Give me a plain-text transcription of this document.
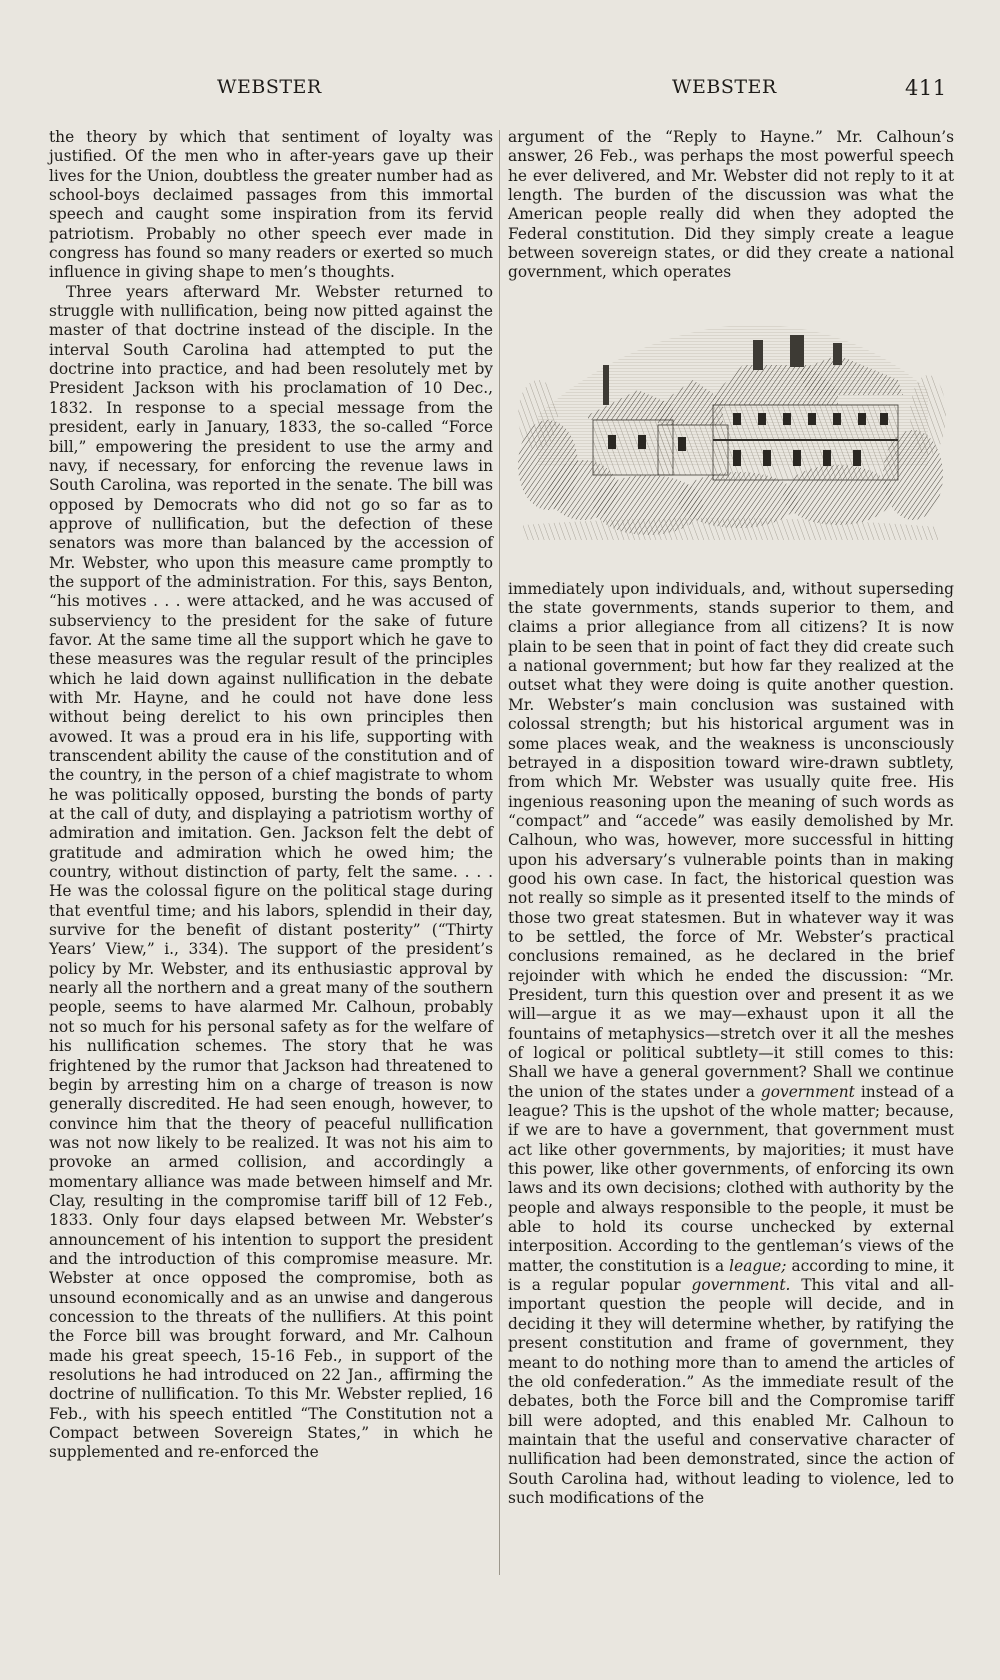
WEBSTER	WEBSTER	411

the theory by which that sentiment of loyalty was justified. Of the men who in after-years gave up their lives for the Union, doubtless the greater number had as school-boys declaimed passages from this immortal speech and caught some inspiration from its fervid patriotism. Probably no other speech ever made in congress has found so many readers or exerted so much influence in giving shape to men’s thoughts.

Three years afterward Mr. Webster returned to struggle with nullification, being now pitted against the master of that doctrine instead of the disciple. In the interval South Carolina had attempted to put the doctrine into practice, and had been resolutely met by President Jackson with his proclamation of 10 Dec., 1832. In response to a special message from the president, early in January, 1833, the so-called “Force bill,” empowering the president to use the army and navy, if necessary, for enforcing the revenue laws in South Carolina, was reported in the senate. The bill was opposed by Democrats who did not go so far as to approve of nullification, but the defection of these senators was more than balanced by the accession of Mr. Webster, who upon this measure came promptly to the support of the administration. For this, says Benton, “his motives . . . were attacked, and he was accused of subserviency to the president for the sake of future favor. At the same time all the support which he gave to these measures was the regular result of the principles which he laid down against nullification in the debate with Mr. Hayne, and he could not have done less without being derelict to his own principles then avowed. It was a proud era in his life, supporting with transcendent ability the cause of the constitution and of the country, in the person of a chief magistrate to whom he was politically opposed, bursting the bonds of party at the call of duty, and displaying a patriotism worthy of admiration and imitation. Gen. Jackson felt the debt of gratitude and admiration which he owed him; the country, without distinction of party, felt the same. . . . He was the colossal figure on the political stage during that eventful time; and his labors, splendid in their day, survive for the benefit of distant posterity” (“Thirty Years’ View,” i., 334). The support of the president’s policy by Mr. Webster, and its enthusiastic approval by nearly all the northern and a great many of the southern people, seems to have alarmed Mr. Calhoun, probably not so much for his personal safety as for the welfare of his nullification schemes. The story that he was frightened by the rumor that Jackson had threatened to begin by arresting him on a charge of treason is now generally discredited. He had seen enough, however, to convince him that the theory of peaceful nullification was not now likely to be realized. It was not his aim to provoke an armed collision, and accordingly a momentary alliance was made between himself and Mr. Clay, resulting in the compromise tariff bill of 12 Feb., 1833. Only four days elapsed between Mr. Webster’s announcement of his intention to support the president and the introduction of this compromise measure. Mr. Webster at once opposed the compromise, both as unsound economically and as an unwise and dangerous concession to the threats of the nullifiers. At this point the Force bill was brought forward, and Mr. Calhoun made his great speech, 15-16 Feb., in support of the resolutions he had introduced on 22 Jan., affirming the doctrine of nullification. To this Mr. Webster replied, 16 Feb., with his speech entitled “The Constitution not a Compact between Sovereign States,” in which he supplemented and re-enforced the

argument of the “Reply to Hayne.” Mr. Calhoun’s answer, 26 Feb., was perhaps the most powerful speech he ever delivered, and Mr. Webster did not reply to it at length. The burden of the discussion was what the American people really did when they adopted the Federal constitution. Did they simply create a league between sovereign states, or did they create a national government, which operates

immediately upon individuals, and, without superseding the state governments, stands superior to them, and claims a prior allegiance from all citizens? It is now plain to be seen that in point of fact they did create such a national government; but how far they realized at the outset what they were doing is quite another question. Mr. Webster’s main conclusion was sustained with colossal strength; but his historical argument was in some places weak, and the weakness is unconsciously betrayed in a disposition toward wire-drawn subtlety, from which Mr. Webster was usually quite free. His ingenious reasoning upon the meaning of such words as “compact” and “accede” was easily demolished by Mr. Calhoun, who was, however, more successful in hitting upon his adversary’s vulnerable points than in making good his own case. In fact, the historical question was not really so simple as it presented itself to the minds of those two great statesmen. But in whatever way it was to be settled, the force of Mr. Webster’s practical conclusions remained, as he declared in the brief rejoinder with which he ended the discussion: “Mr. President, turn this question over and present it as we will—argue it as we may—exhaust upon it all the fountains of metaphysics—stretch over it all the meshes of logical or political subtlety—it still comes to this: Shall we have a general government? Shall we continue the union of the states under a government instead of a league? This is the upshot of the whole matter; because, if we are to have a government, that government must act like other governments, by majorities; it must have this power, like other governments, of enforcing its own laws and its own decisions; clothed with authority by the people and always responsible to the people, it must be able to hold its course unchecked by external interposition. According to the gentleman’s views of the matter, the constitution is a league; according to mine, it is a regular popular government. This vital and all-important question the people will decide, and in deciding it they will determine whether, by ratifying the present constitution and frame of government, they meant to do nothing more than to amend the articles of the old confederation.” As the immediate result of the debates, both the Force bill and the Compromise tariff bill were adopted, and this enabled Mr. Calhoun to maintain that the useful and conservative character of nullification had been demonstrated, since the action of South Carolina had, without leading to violence, led to such modifications of the
